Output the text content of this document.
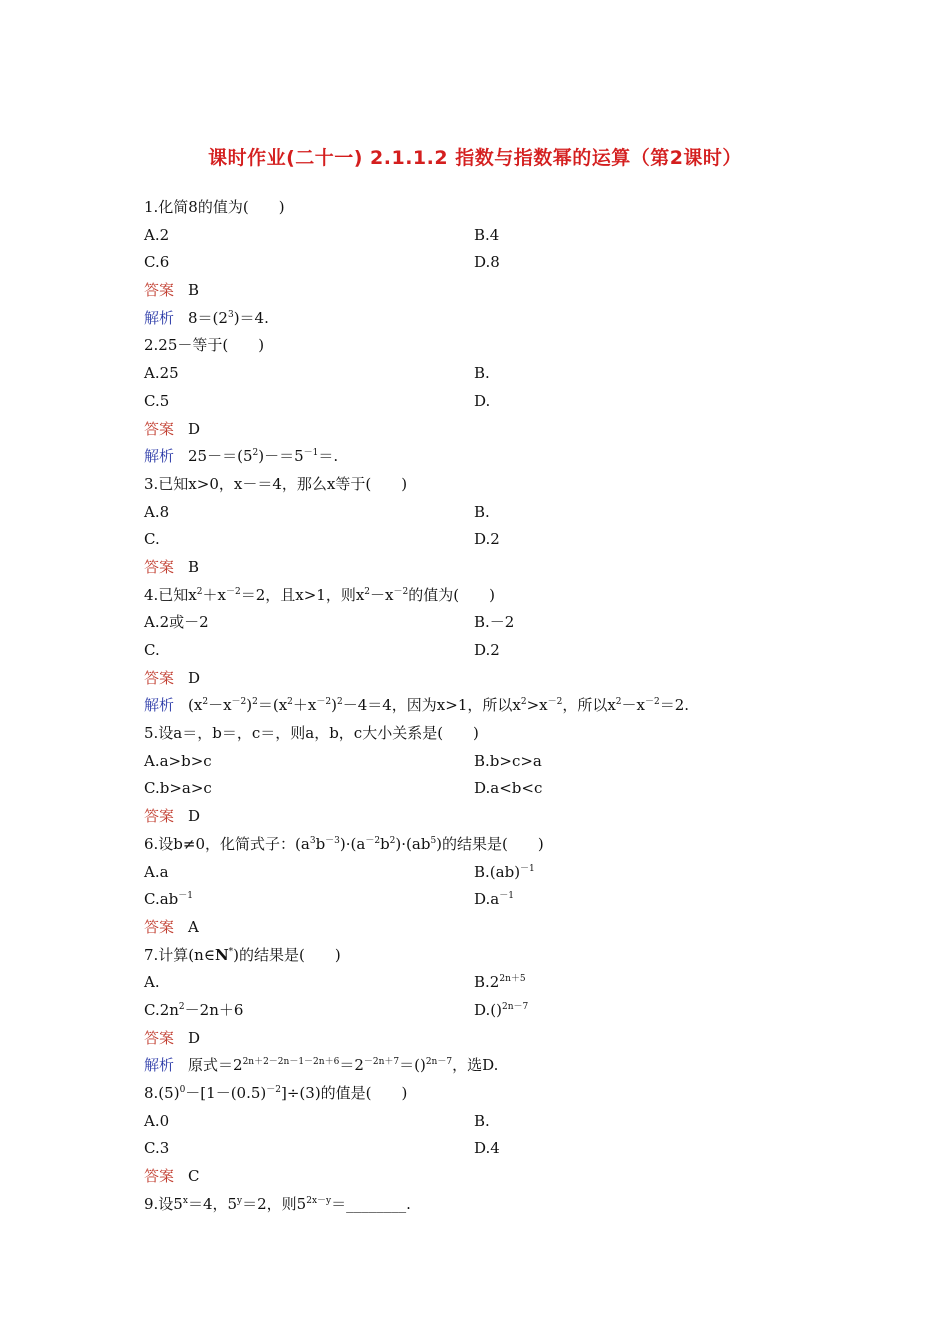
课时作业(二十一) 2.1.1.2 指数与指数幂的运算（第2课时）
1.化简8的值为(　　)
A.2	B.4
C.6	D.8
答案 B
解析 $8=(2^3)=4$.
2.25－等于(　　)
A.25	B.
C.5	D.
答案 D
解析 $25-=(5^2)-=5^{-1}=$.
3.已知x>0，x－＝4，那么x等于(　　)
A.8	B.
C.	D.2
答案 B
4.已知$x^2+x^{-2}=2$，且x>1，则$x^2-x^{-2}$的值为(　　)
A.2或－2	B.－2
C.	D.2
答案 D
解析 $(x^2-x^{-2})^2=(x^2+x^{-2})^2-4=4$，因为x>1，所以$x^2>x^{-2}$，所以$x^2-x^{-2}=2$.
5.设a＝，b＝，c＝，则a，b，c大小关系是(　　)
A.a>b>c	B.b>c>a
C.b>a>c	D.a<b<c
答案 D
6.设b≠0，化简式子：$(a^3b^{-3})\cdot(a^{-2}b^2)\cdot(ab^5)$的结果是(　　)
A.a	B.(ab)$^{-1}$
$C.ab^{-1}$	$D.a^{-1}$
答案 A
7.计算(n∈N*)的结果是(　　)
A.	$B.2^{2n+5}$
$C.2n^2-2n+6$	D.()$^{2n-7}$
答案 D
解析 原式$=2^{2n+2-2n-1-2n+6}=2^{-2n+7}=()^{2n-7}$，选D.
$8.(5)^0-[1-(0.5)^{-2}]\div(3)$的值是(　　)
A.0	B.
C.3	D.4
答案 C
9.设$5^x=4$，$5^y=2$，则$5^{2x-y}=\_\_\_\_\_\_\_\_$.
